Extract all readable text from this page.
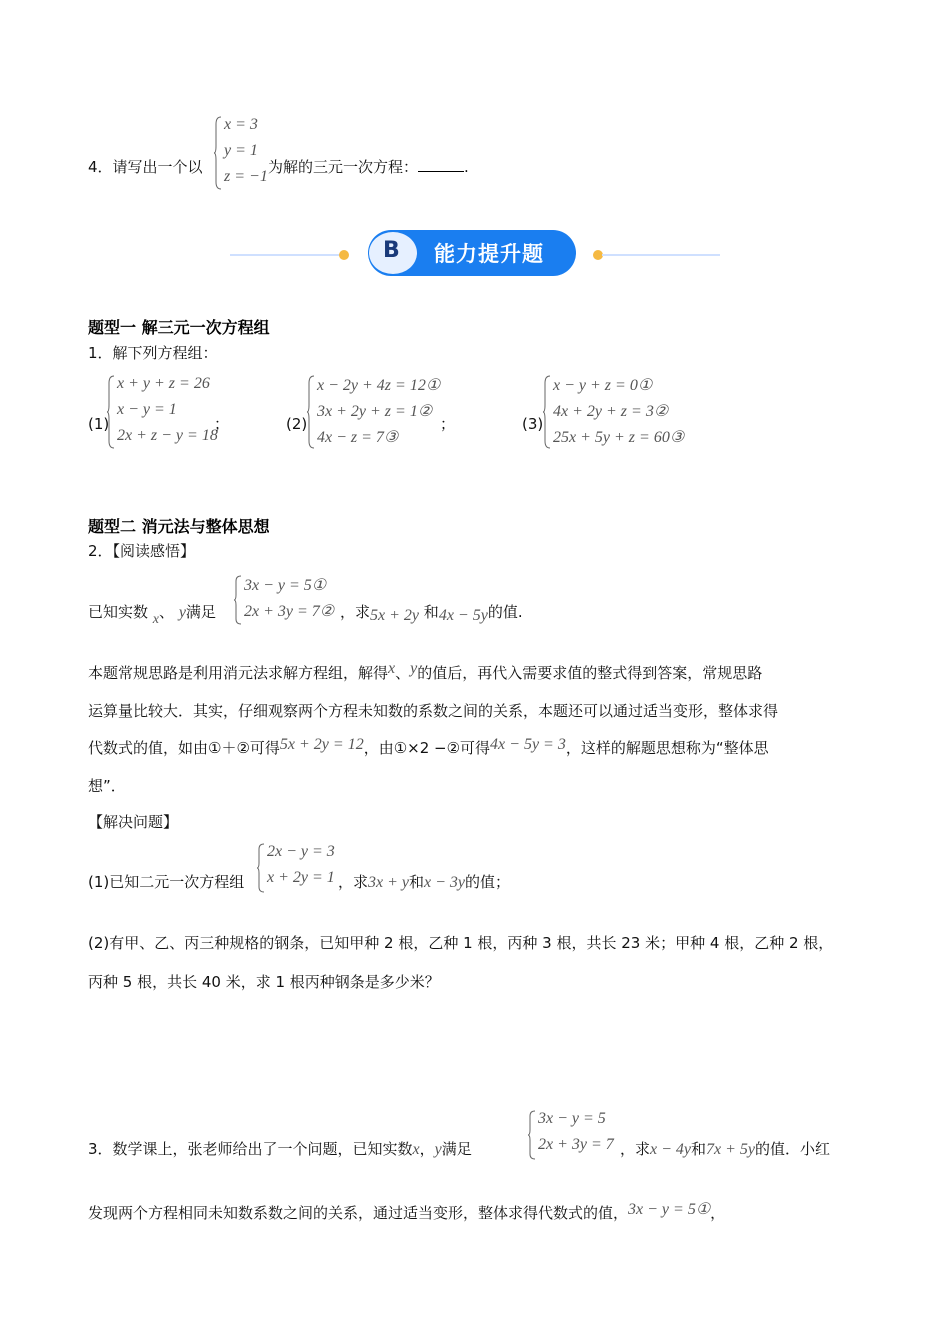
4．请写出一个以
x = 3
y = 1
z = −1
为解的三元一次方程：	.
B 能力提升题
题型一 解三元一次方程组
1．解下列方程组：
(1)
x + y + z = 26
x − y = 1
2x + z − y = 18
；	(2)
x − 2y + 4z = 12①
3x + 2y + z = 1②
4x − z = 7③
；	(3)
x − y + z = 0①
4x + 2y + z = 3②
25x + 5y + z = 60③
题型二 消元法与整体思想
2．【阅读感悟】
已知实数 x、 y满足
3x − y = 5①
2x + 3y = 7② ，求5x + 2y 和4x − 5y的值.
本题常规思路是利用消元法求解方程组，解得x、y的值后，再代入需要求值的整式得到答案，常规思路
运算量比较大．其实，仔细观察两个方程未知数的系数之间的关系，本题还可以通过适当变形，整体求得
代数式的值，如由①＋②可得5x + 2y = 12，由①×2 −②可得4x − 5y = 3，这样的解题思想称为“整体思
想”．
【解决问题】
(1)已知二元一次方程组
2x − y = 3
x + 2y = 1 ，求3x + y和x − 3y的值；
(2)有甲、乙、丙三种规格的钢条，已知甲种 2 根，乙种 1 根，丙种 3 根，共长 23 米；甲种 4 根，乙种 2 根，
丙种 5 根，共长 40 米，求 1 根丙种钢条是多少米？
3．数学课上，张老师给出了一个问题，已知实数x，y满足
3x − y = 5
2x + 3y = 7 ，求x − 4y和7x + 5y的值．小红
发现两个方程相同未知数系数之间的关系，通过适当变形，整体求得代数式的值，3x − y = 5①，
